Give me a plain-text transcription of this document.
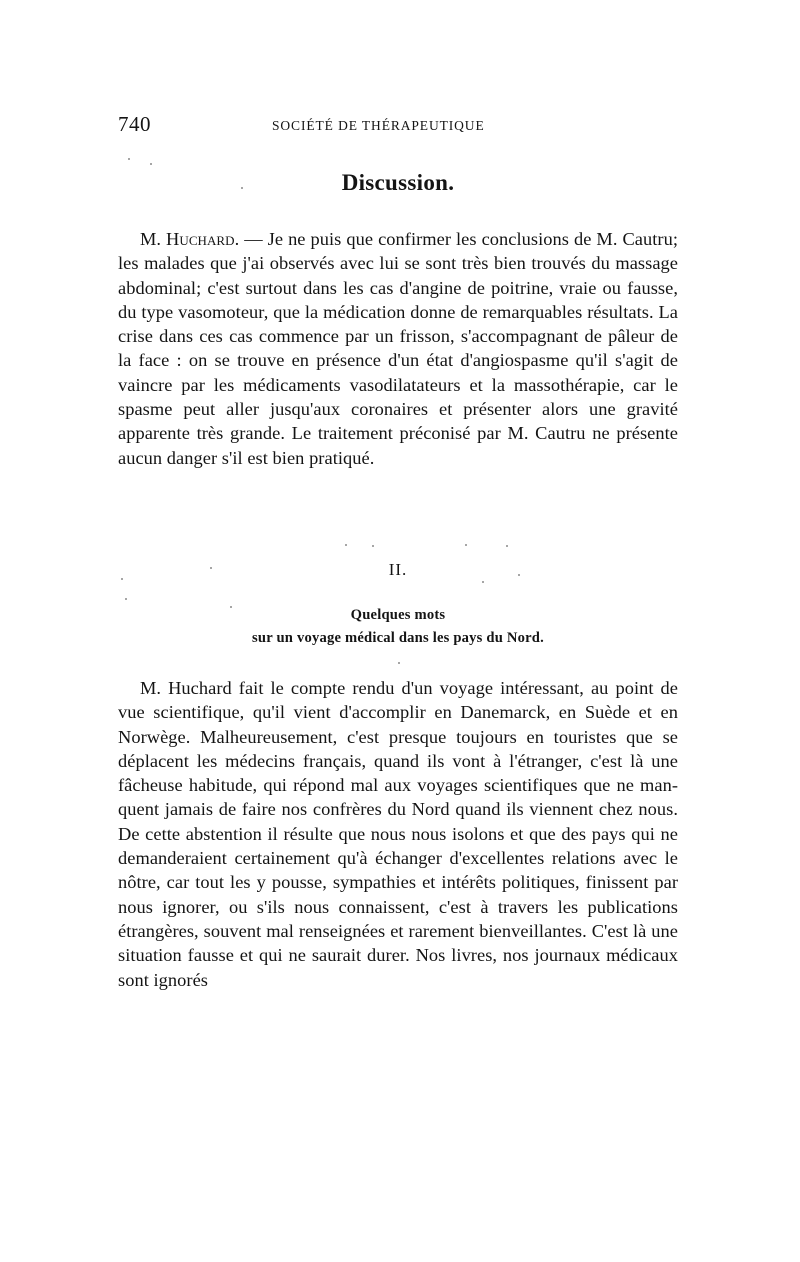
740	SOCIÉTÉ DE THÉRAPEUTIQUE
Discussion.

M. Huchard. — Je ne puis que confirmer les conclusions de M. Cautru; les malades que j'ai observés avec lui se sont très bien trouvés du massage abdominal; c'est surtout dans les cas d'angine de poitrine, vraie ou fausse, du type vasomoteur, que la médication donne de remarquables résultats. La crise dans ces cas commence par un frisson, s'accompagnant de pâleur de la face : on se trouve en présence d'un état d'angiospasme qu'il s'agit de vaincre par les médicaments vasodilatateurs et la massothérapie, car le spasme peut aller jusqu'aux coronaires et présenter alors une gravité apparente très grande. Le traitement préconisé par M. Cautru ne présente aucun danger s'il est bien pratiqué.

II.
Quelques mots
sur un voyage médical dans les pays du Nord.

M. Huchard fait le compte rendu d'un voyage intéressant, au point de vue scientifique, qu'il vient d'accomplir en Danemarck, en Suède et en Norwège. Malheureusement, c'est presque toujours en touristes que se déplacent les médecins français, quand ils vont à l'étranger, c'est là une fâcheuse habitude, qui répond mal aux voyages scientifiques que ne manquent jamais de faire nos confrères du Nord quand ils viennent chez nous. De cette abstention il résulte que nous nous isolons et que des pays qui ne demanderaient certainement qu'à échanger d'excellentes relations avec le nôtre, car tout les y pousse, sympathies et intérêts politiques, finissent par nous ignorer, ou s'ils nous connaissent, c'est à travers les publications étrangères, souvent mal renseignées et rarement bienveillantes. C'est là une situation fausse et qui ne saurait durer. Nos livres, nos journaux médicaux sont ignorés
